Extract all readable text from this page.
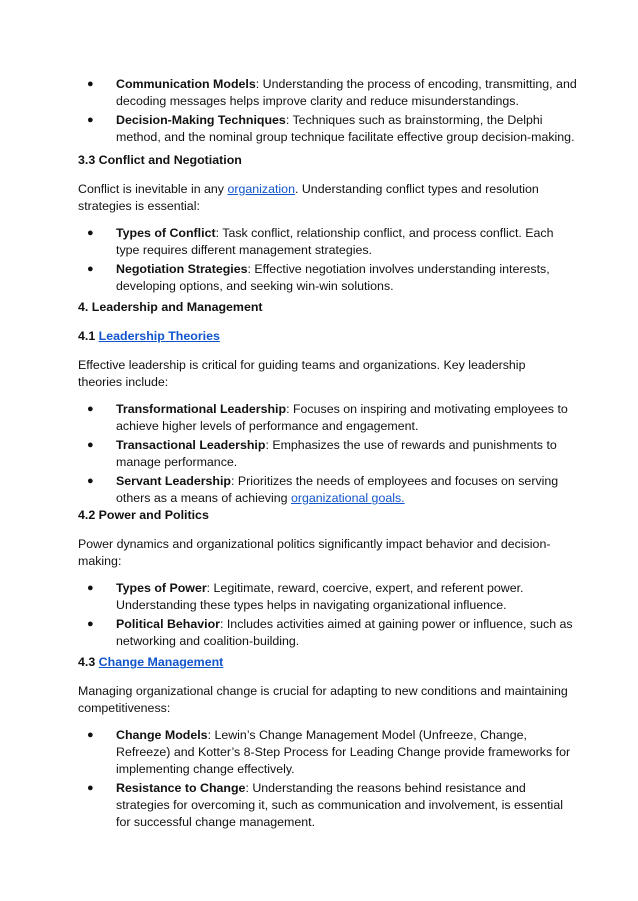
● Communication Models: Understanding the process of encoding, transmitting, and decoding messages helps improve clarity and reduce misunderstandings.
● Decision-Making Techniques: Techniques such as brainstorming, the Delphi method, and the nominal group technique facilitate effective group decision-making.
3.3 Conflict and Negotiation
Conflict is inevitable in any organization. Understanding conflict types and resolution strategies is essential:
● Types of Conflict: Task conflict, relationship conflict, and process conflict. Each type requires different management strategies.
● Negotiation Strategies: Effective negotiation involves understanding interests, developing options, and seeking win-win solutions.
4. Leadership and Management
4.1 Leadership Theories
Effective leadership is critical for guiding teams and organizations. Key leadership theories include:
● Transformational Leadership: Focuses on inspiring and motivating employees to achieve higher levels of performance and engagement.
● Transactional Leadership: Emphasizes the use of rewards and punishments to manage performance.
● Servant Leadership: Prioritizes the needs of employees and focuses on serving others as a means of achieving organizational goals.
4.2 Power and Politics
Power dynamics and organizational politics significantly impact behavior and decision-making:
● Types of Power: Legitimate, reward, coercive, expert, and referent power. Understanding these types helps in navigating organizational influence.
● Political Behavior: Includes activities aimed at gaining power or influence, such as networking and coalition-building.
4.3 Change Management
Managing organizational change is crucial for adapting to new conditions and maintaining competitiveness:
● Change Models: Lewin’s Change Management Model (Unfreeze, Change, Refreeze) and Kotter’s 8-Step Process for Leading Change provide frameworks for implementing change effectively.
● Resistance to Change: Understanding the reasons behind resistance and strategies for overcoming it, such as communication and involvement, is essential for successful change management.
